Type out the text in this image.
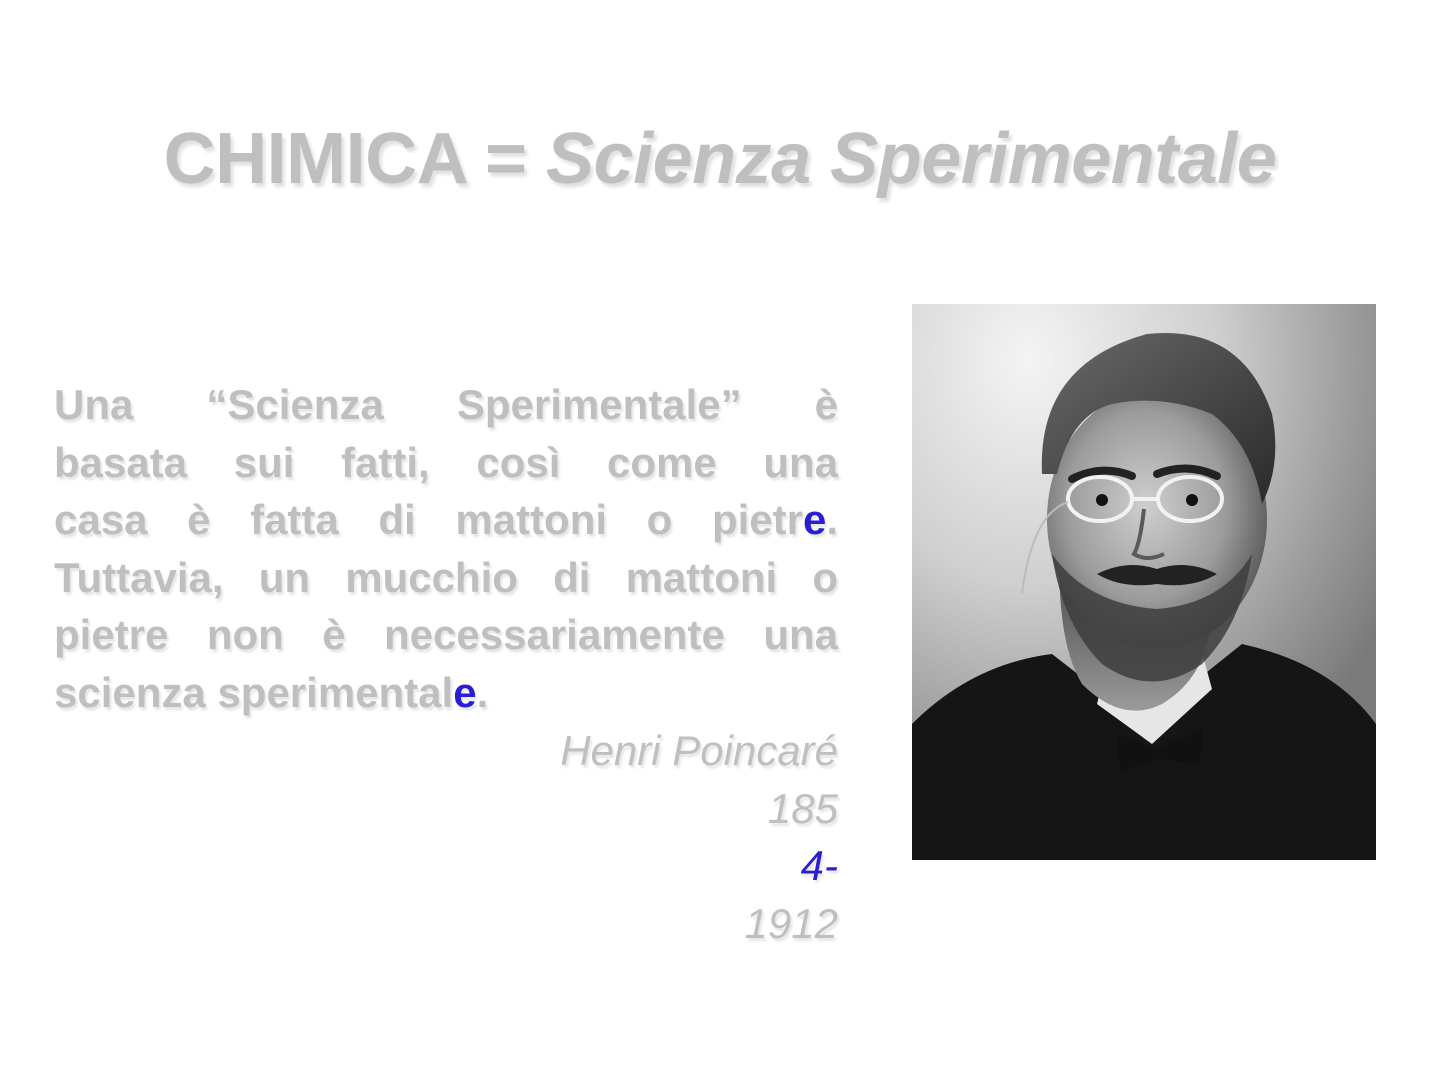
CHIMICA = Scienza Sperimentale
Una “Scienza Sperimentale” è
basata sui fatti, così come una
casa è fatta di mattoni o pietre.
Tuttavia, un mucchio di mattoni o
pietre non è necessariamente una
scienza sperimentale.
Henri Poincaré
185
4-
1912
